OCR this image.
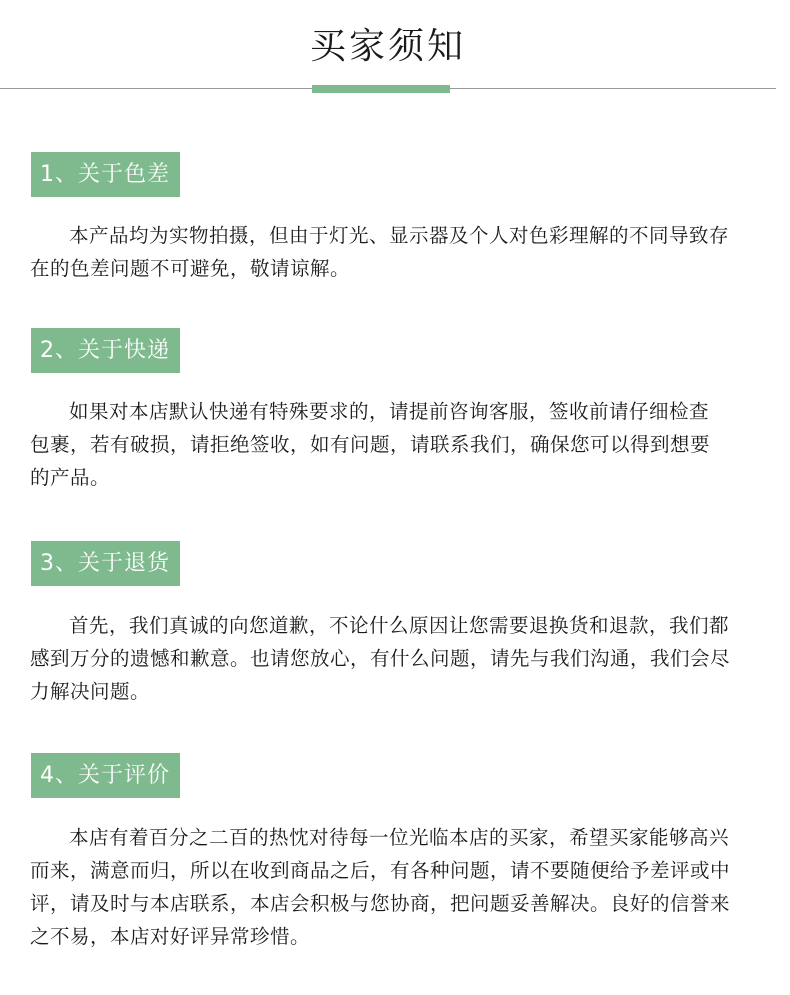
买家须知
1、关于色差

本产品均为实物拍摄，但由于灯光、显示器及个人对色彩理解的不同导致存在的色差问题不可避免，敬请谅解。

2、关于快递

如果对本店默认快递有特殊要求的，请提前咨询客服，签收前请仔细检查包裹，若有破损，请拒绝签收，如有问题，请联系我们，确保您可以得到想要的产品。

3、关于退货

首先，我们真诚的向您道歉，不论什么原因让您需要退换货和退款，我们都感到万分的遗憾和歉意。也请您放心，有什么问题，请先与我们沟通，我们会尽力解决问题。

4、关于评价

本店有着百分之二百的热忱对待每一位光临本店的买家，希望买家能够高兴而来，满意而归，所以在收到商品之后，有各种问题，请不要随便给予差评或中评，请及时与本店联系，本店会积极与您协商，把问题妥善解决。良好的信誉来之不易，本店对好评异常珍惜。
